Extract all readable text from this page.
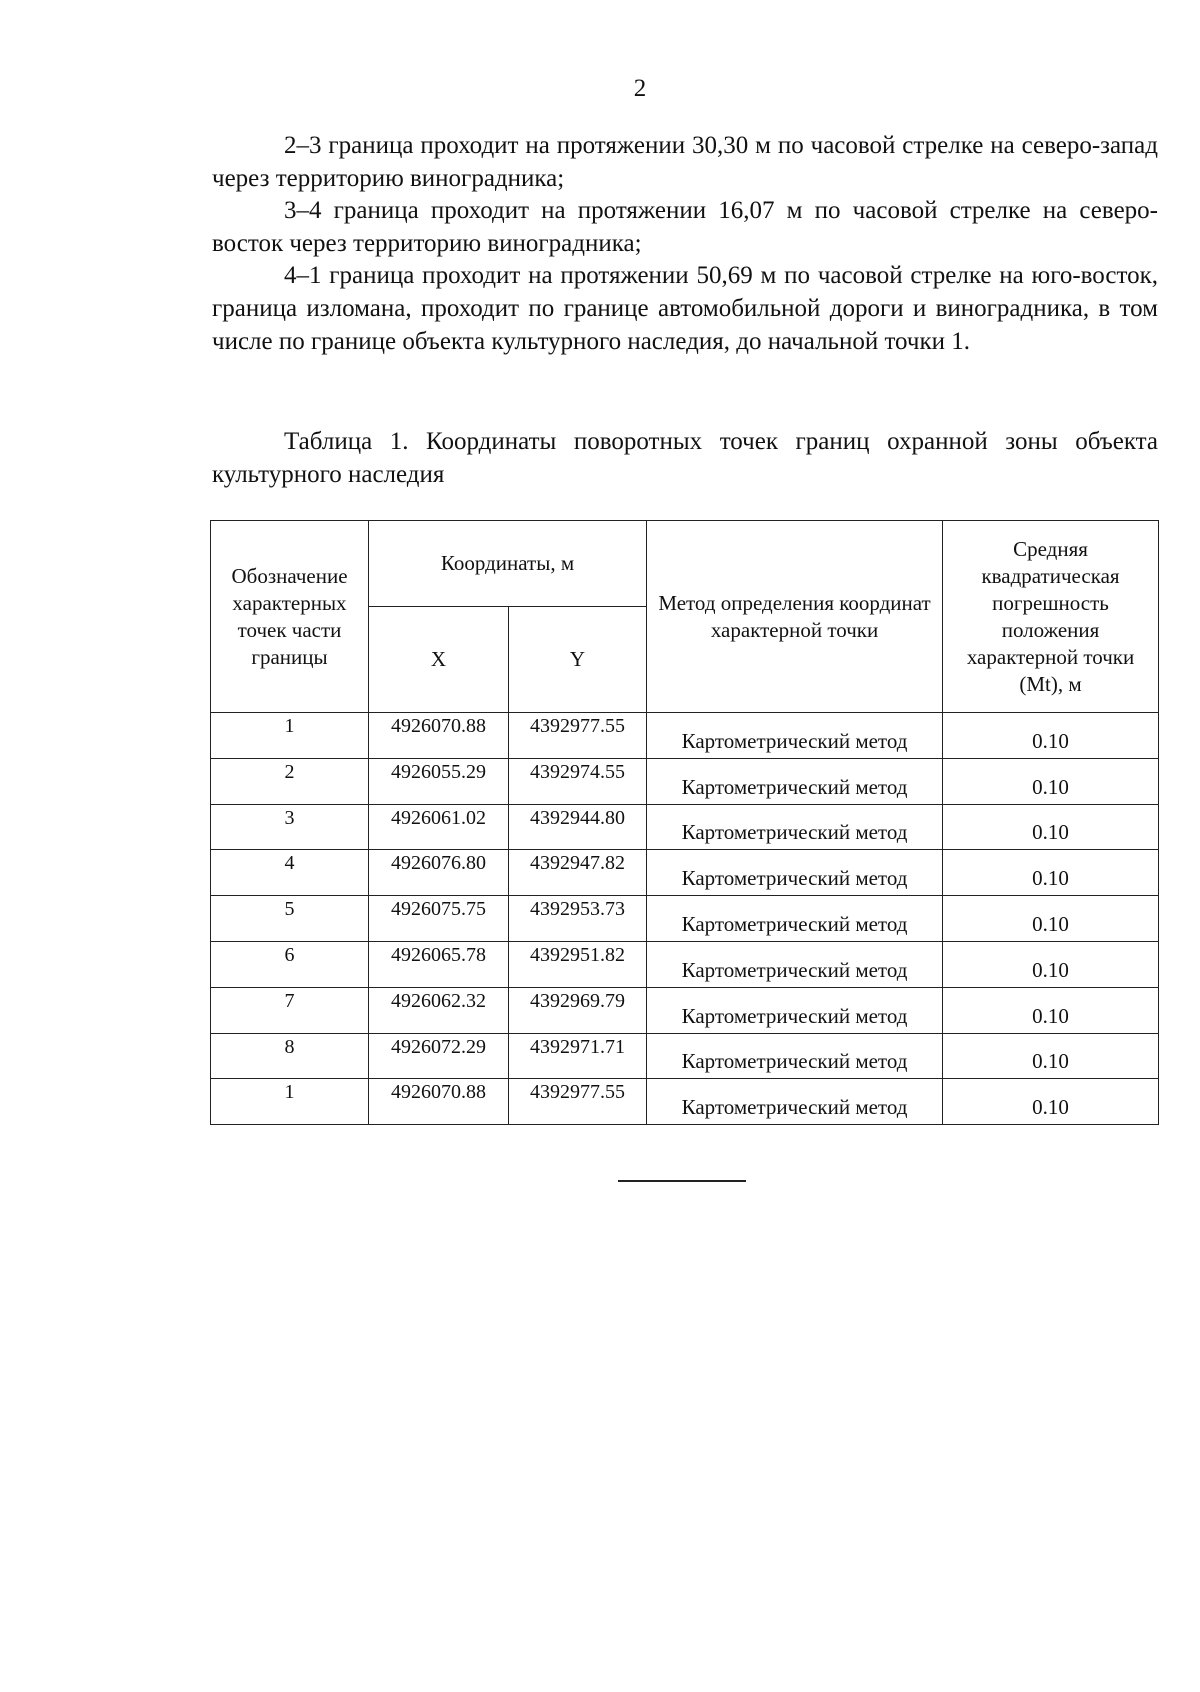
2

2–3 граница проходит на протяжении 30,30 м по часовой стрелке на северо-запад через территорию виноградника;

3–4 граница проходит на протяжении 16,07 м по часовой стрелке на северо-восток через территорию виноградника;

4–1 граница проходит на протяжении 50,69 м по часовой стрелке на юго-восток, граница изломана, проходит по границе автомобильной дороги и виноградника, в том числе по границе объекта культурного наследия, до начальной точки 1.

Таблица 1. Координаты поворотных точек границ охранной зоны объекта культурного наследия

Обозначение характерных точек части границы	Координаты, м		Метод определения координат характерной точки	Средняя квадратическая погрешность положения характерной точки (Mt), м
	X	Y		
1	4926070.88	4392977.55	Картометрический метод	0.10
2	4926055.29	4392974.55	Картометрический метод	0.10
3	4926061.02	4392944.80	Картометрический метод	0.10
4	4926076.80	4392947.82	Картометрический метод	0.10
5	4926075.75	4392953.73	Картометрический метод	0.10
6	4926065.78	4392951.82	Картометрический метод	0.10
7	4926062.32	4392969.79	Картометрический метод	0.10
8	4926072.29	4392971.71	Картометрический метод	0.10
1	4926070.88	4392977.55	Картометрический метод	0.10
